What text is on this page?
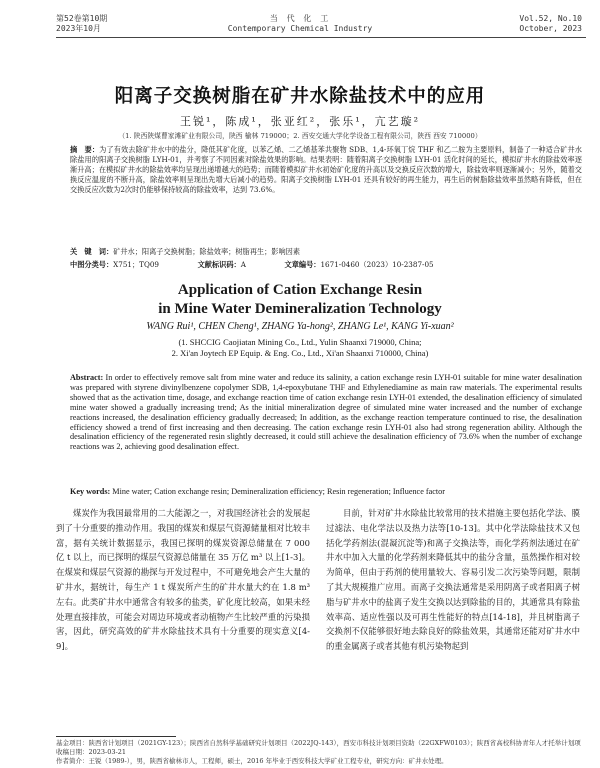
第52卷第10期
2023年10月
当 代 化 工
Contemporary Chemical Industry
Vol.52, No.10
October, 2023
阳离子交换树脂在矿井水除盐技术中的应用
王锐¹，陈成¹，张亚红²，张乐¹，亢艺璇²
（1. 陕西陕煤曹家滩矿业有限公司，陕西 榆林 719000；2. 西安交通大学化学设备工程有限公司，陕西 西安 710000）
摘　要：为了有效去除矿井水中的盐分，降低其矿化度，以苯乙烯、二乙烯基苯共聚物 SDB、1,4-环氧丁烷 THF 和乙二胺为主要原料，制备了一种适合矿井水除盐用的阳离子交换树脂 LYH-01，并考察了不同因素对除盐效果的影响。结果表明：随着阳离子交换树脂 LYH-01 活化时间的延长，模拟矿井水的除盐效率逐渐升高；在模拟矿井水的除盐效率均呈现出递增越大的趋势；而随着模拟矿井水初始矿化度的升高以及交换反应次数的增大，除盐效率则逐渐减小；另外，随着交换反应温度的不断升高，除盐效率则呈现出先增大后减小的趋势。阳离子交换树脂 LYH-01 还具有较好的再生能力，再生后的树脂除盐效率虽然略有降低，但在交换反应次数为2次时仍能够保持较高的除盐效率，达到 73.6%。
关　键　词：矿井水；阳离子交换树脂；除盐效率；树脂再生；影响因素
中图分类号：X751；TQ09	文献标识码：A	文章编号：1671-0460（2023）10-2387-05
Application of Cation Exchange Resin
in Mine Water Demineralization Technology
WANG Rui¹, CHEN Cheng¹, ZHANG Ya-hong², ZHANG Le¹, KANG Yi-xuan²
(1. SHCCIG Caojiatan Mining Co., Ltd., Yulin Shaanxi 719000, China;
2. Xi'an Joytech EP Equip. & Eng. Co., Ltd., Xi'an Shaanxi 710000, China)
Abstract: In order to effectively remove salt from mine water and reduce its salinity, a cation exchange resin LYH-01 suitable for mine water desalination was prepared with styrene divinylbenzene copolymer SDB, 1,4-epoxybutane THF and Ethylenediamine as main raw materials. The experimental results showed that as the activation time, dosage, and exchange reaction time of cation exchange resin LYH-01 extended, the desalination efficiency of simulated mine water showed a gradually increasing trend; As the initial mineralization degree of simulated mine water increased and the number of exchange reactions increased, the desalination efficiency gradually decreased; In addition, as the exchange reaction temperature continued to rise, the desalination efficiency showed a trend of first increasing and then decreasing. The cation exchange resin LYH-01 also had strong regeneration ability. Although the desalination efficiency of the regenerated resin slightly decreased, it could still achieve the desalination efficiency of 73.6% when the number of exchange reactions was 2, achieving good desalination effect.
Key words: Mine water; Cation exchange resin; Demineralization efficiency; Resin regeneration; Influence factor

煤炭作为我国最常用的二大能源之一，对我国经济社会的发展起到了十分重要的推动作用。我国的煤炭和煤层气资源储量相对比较丰富，据有关统计数据显示，我国已探明的煤炭资源总储量在 7 000 亿 t 以上，而已探明的煤层气资源总储量在 35 万亿 m³ 以上[1-3]。在煤炭和煤层气资源的勘探与开发过程中，不可避免地会产生大量的矿井水，据统计，每生产 1 t 煤炭所产生的矿井水量大约在 1.8 m³ 左右。此类矿井水中通常含有较多的盐类，矿化度比较高，如果未经处理直接排放，可能会对周边环境或者动植物产生比较严重的污染损害，因此，研究高效的矿井水除盐技术具有十分重要的现实意义[4-9]。

目前，针对矿井水除盐比较常用的技术措施主要包括化学法、膜过滤法、电化学法以及热力法等[10-13]。其中化学法除盐技术又包括化学药剂法(混凝沉淀等)和离子交换法等，而化学药剂法通过在矿井水中加入大量的化学药剂来降低其中的盐分含量，虽然操作相对较为简单，但由于药剂的使用量较大、容易引发二次污染等问题，限制了其大规模推广应用。而离子交换法通常是采用阴离子或者阳离子树脂与矿井水中的盐离子发生交换以达到除盐的目的，其通常具有除盐效率高、适应性强以及可再生性能好的特点[14-18]，并且树脂离子交换剂不仅能够很好地去除良好的除盐效果，其通常还能对矿井水中的重金属离子或者其他有机污染物起到

基金项目：陕西省计划项目（2021GY-123）；陕西省自然科学基础研究计划项目（2022JQ-143），西安市科技计划项目资助（22GXFW0103）；陕西省高校科协青年人才托举计划项
收稿日期：2023-03-21
作者简介：王锐（1989-），男，陕西省榆林市人，工程师，硕士，2016 年毕业于西安科技大学矿业工程专业，研究方向：矿井水处理。
